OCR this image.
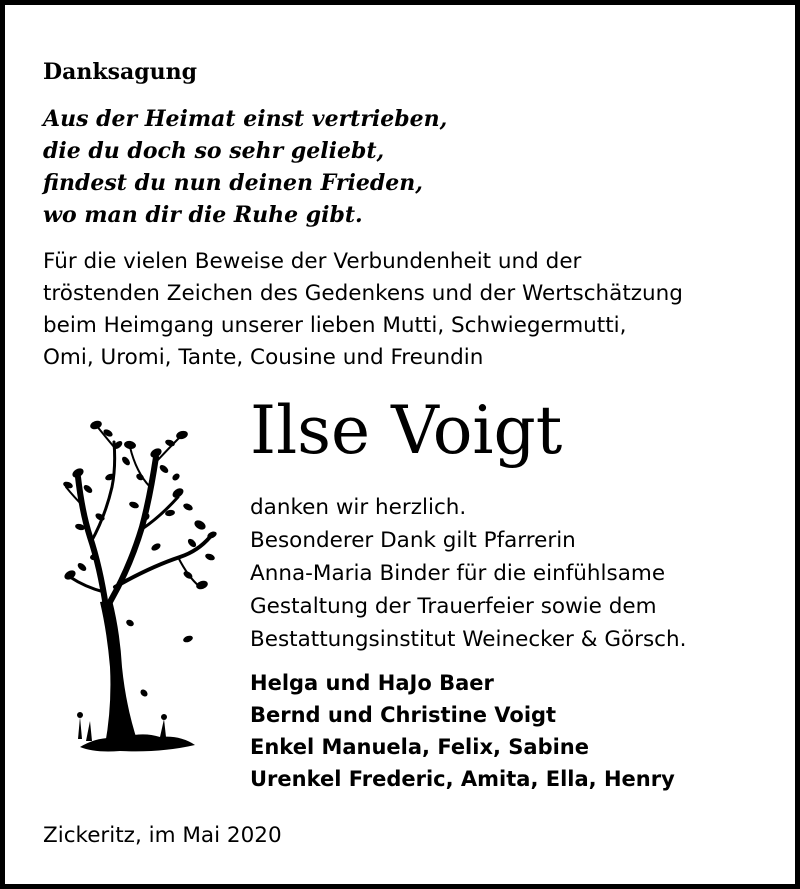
Danksagung
Aus der Heimat einst vertrieben,
die du doch so sehr geliebt,
findest du nun deinen Frieden,
wo man dir die Ruhe gibt.
Für die vielen Beweise der Verbundenheit und der
tröstenden Zeichen des Gedenkens und der Wertschätzung
beim Heimgang unserer lieben Mutti, Schwiegermutti,
Omi, Uromi, Tante, Cousine und Freundin
Ilse Voigt
danken wir herzlich.
Besonderer Dank gilt Pfarrerin
Anna-Maria Binder für die einfühlsame
Gestaltung der Trauerfeier sowie dem
Bestattungsinstitut Weinecker & Görsch.
Helga und HaJo Baer
Bernd und Christine Voigt
Enkel Manuela, Felix, Sabine
Urenkel Frederic, Amita, Ella, Henry
Zickeritz, im Mai 2020
